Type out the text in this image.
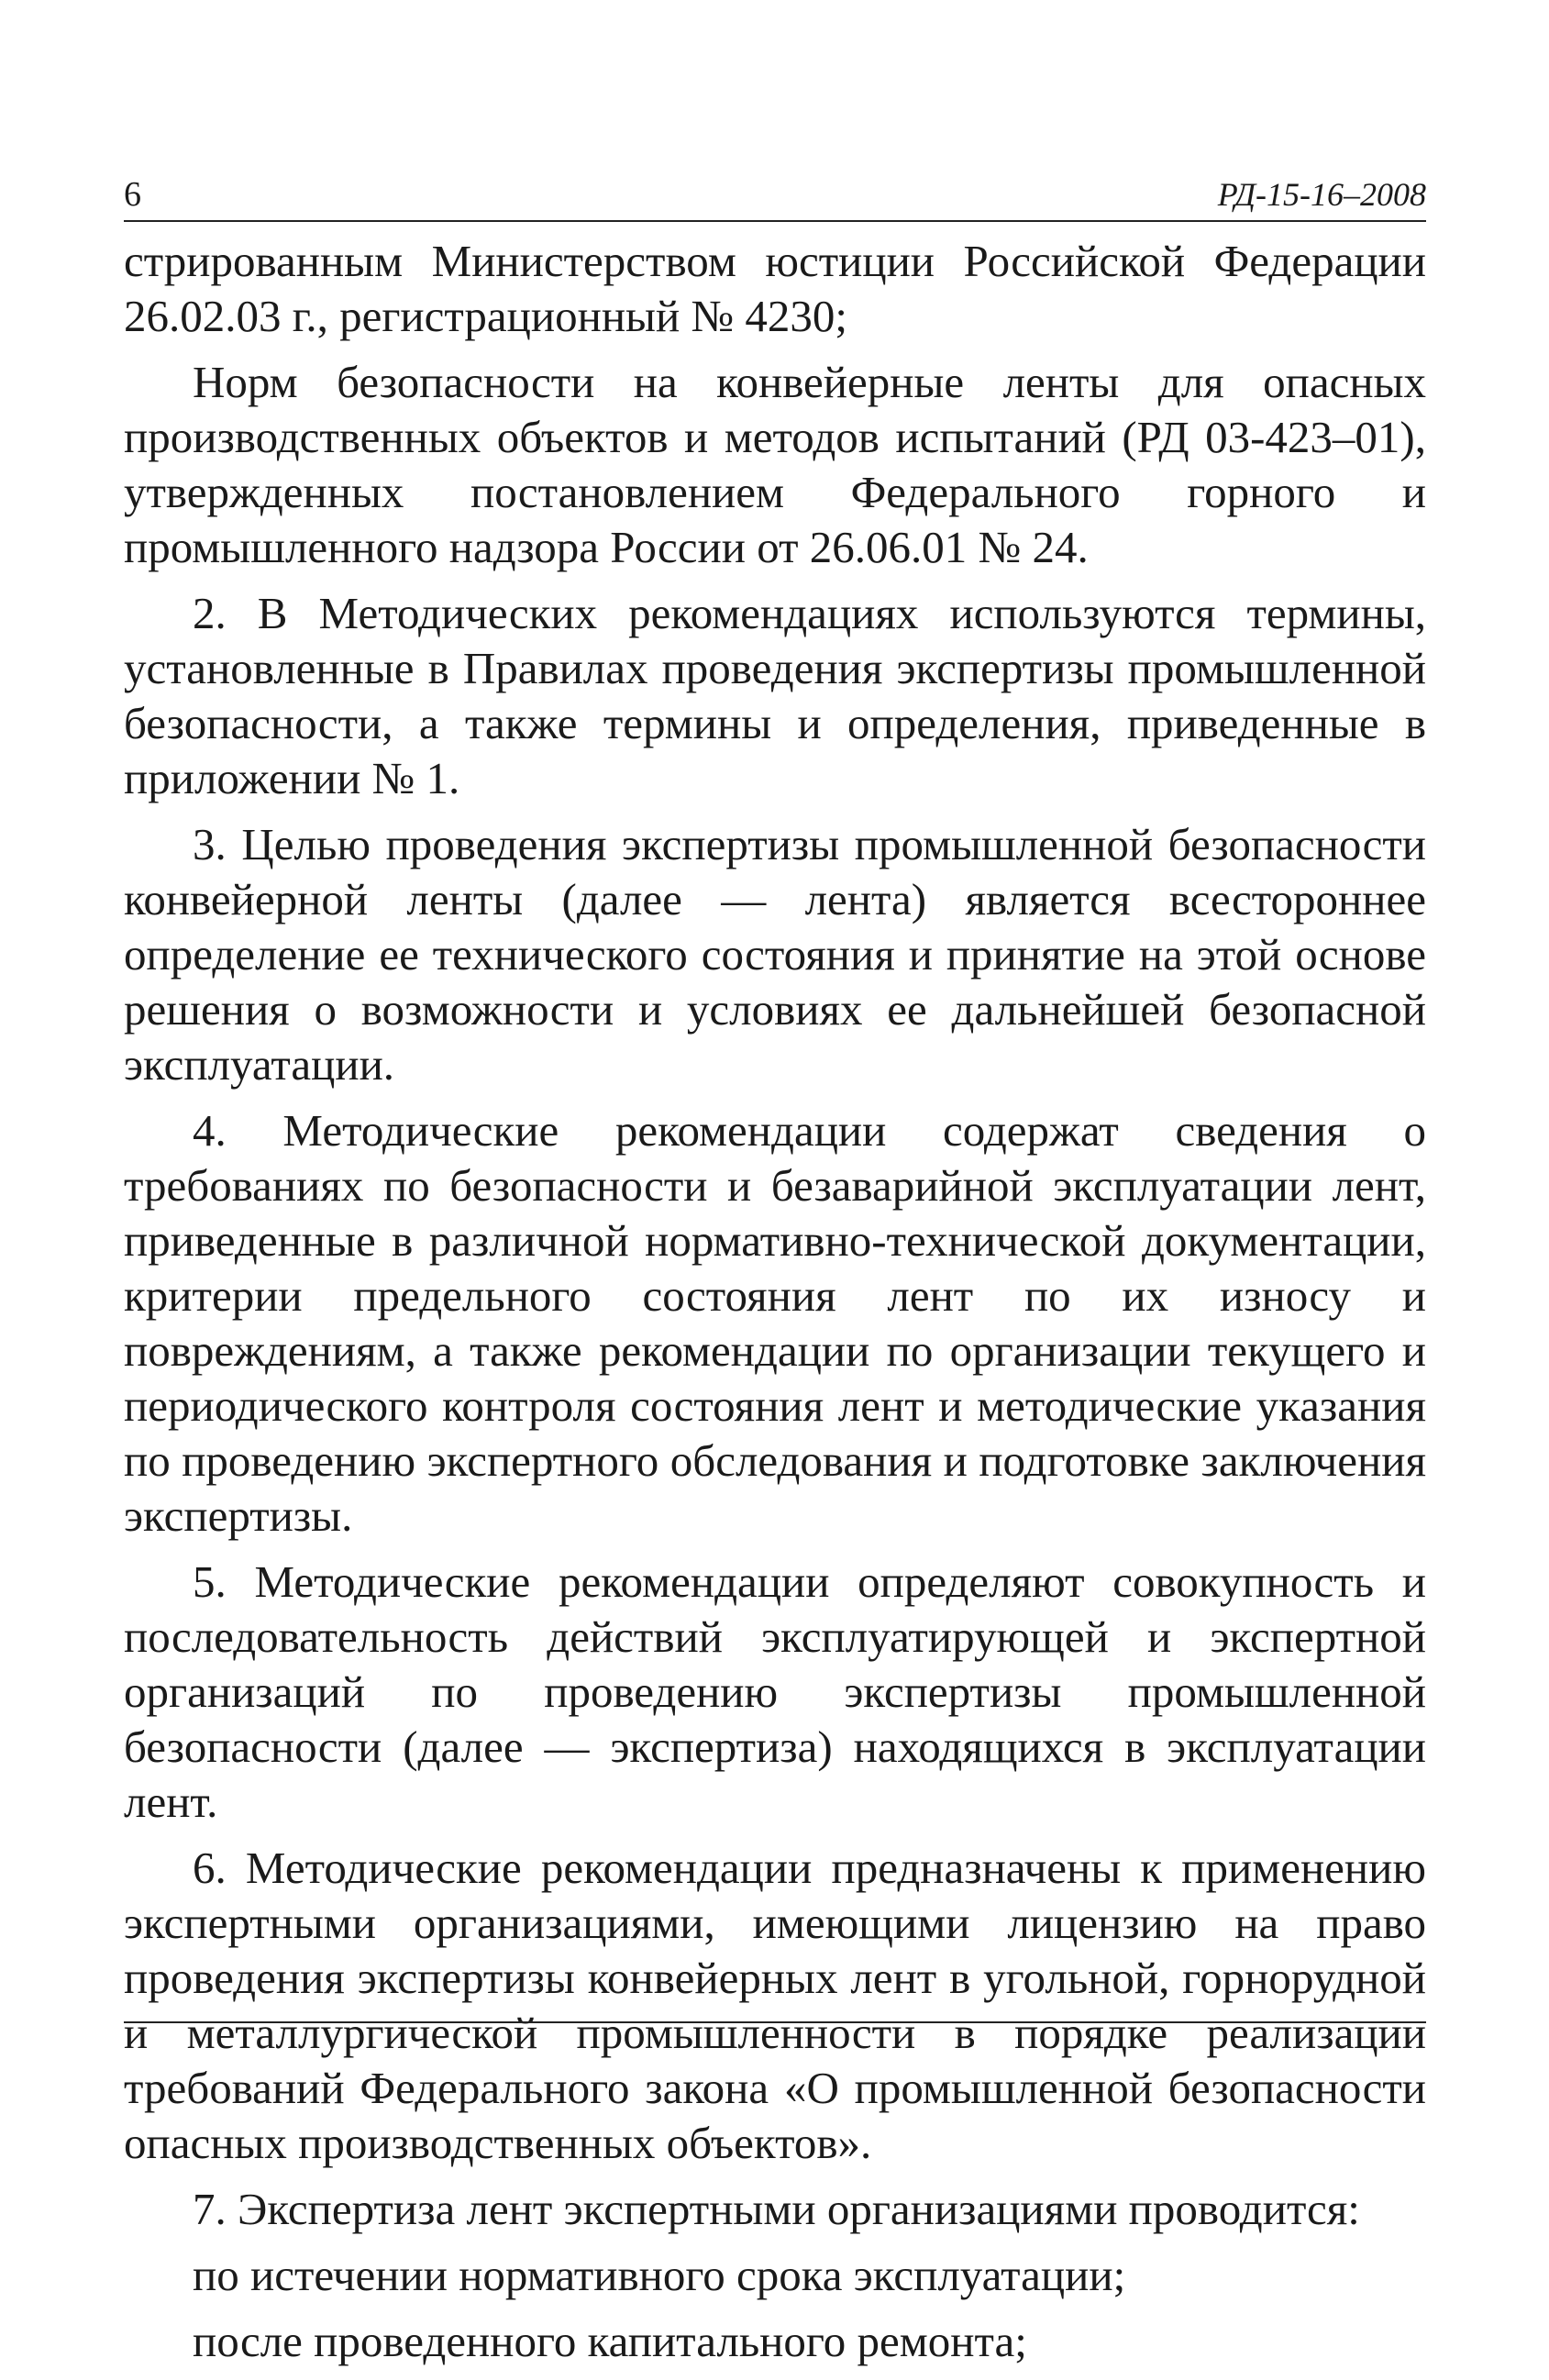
6	РД-15-16–2008

стрированным Министерством юстиции Российской Федерации 26.02.03 г., регистрационный № 4230;

Норм безопасности на конвейерные ленты для опасных производственных объектов и методов испытаний (РД 03-423–01), утвержденных постановлением Федерального горного и промышленного надзора России от 26.06.01 № 24.

2. В Методических рекомендациях используются термины, установленные в Правилах проведения экспертизы промышленной безопасности, а также термины и определения, приведенные в приложении № 1.

3. Целью проведения экспертизы промышленной безопасности конвейерной ленты (далее — лента) является всестороннее определение ее технического состояния и принятие на этой основе решения о возможности и условиях ее дальнейшей безопасной эксплуатации.

4. Методические рекомендации содержат сведения о требованиях по безопасности и безаварийной эксплуатации лент, приведенные в различной нормативно-технической документации, критерии предельного состояния лент по их износу и повреждениям, а также рекомендации по организации текущего и периодического контроля состояния лент и методические указания по проведению экспертного обследования и подготовке заключения экспертизы.

5. Методические рекомендации определяют совокупность и последовательность действий эксплуатирующей и экспертной организаций по проведению экспертизы промышленной безопасности (далее — экспертиза) находящихся в эксплуатации лент.

6. Методические рекомендации предназначены к применению экспертными организациями, имеющими лицензию на право проведения экспертизы конвейерных лент в угольной, горнорудной и металлургической промышленности в порядке реализации требований Федерального закона «О промышленной безопасности опасных производственных объектов».

7. Экспертиза лент экспертными организациями проводится:

по истечении нормативного срока эксплуатации;

после проведенного капитального ремонта;
